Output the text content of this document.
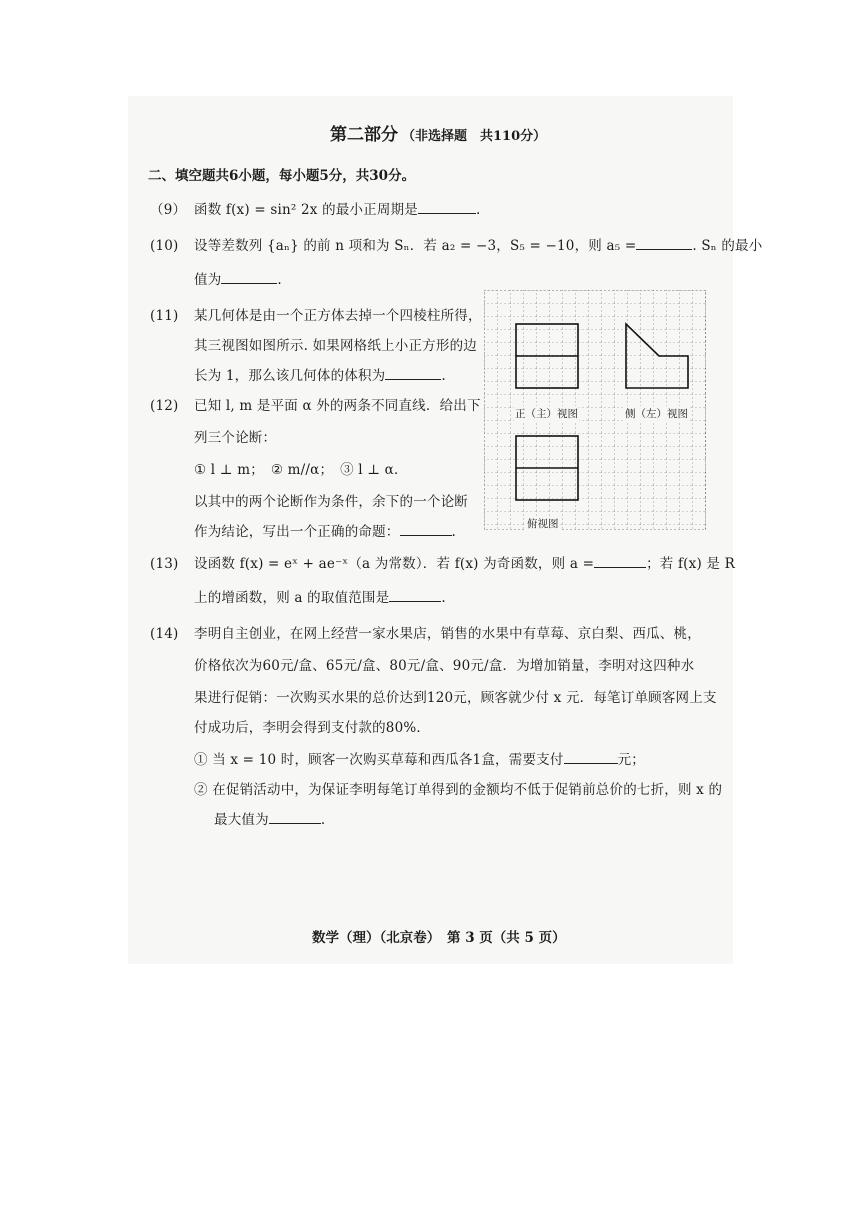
第二部分 （非选择题　共110分）
二、填空题共6小题，每小题5分，共30分。
（9） 函数 f(x) = sin² 2x 的最小正周期是	.
(10) 设等差数列 {aₙ} 的前 n 项和为 Sₙ．若 a₂ = −3，S₅ = −10，则 a₅ =	. Sₙ 的最小
值为	.
(11) 某几何体是由一个正方体去掉一个四棱柱所得，
其三视图如图所示. 如果网格纸上小正方形的边
长为 1，那么该几何体的体积为	.
(12) 已知 l, m 是平面 α 外的两条不同直线．给出下
列三个论断：
① l ⊥ m；　② m//α；　③ l ⊥ α．
以其中的两个论断作为条件，余下的一个论断
作为结论，写出一个正确的命题：	.
正（主）视图	侧（左）视图
俯视图
(13) 设函数 f(x) = eˣ + ae⁻ˣ（a 为常数）．若 f(x) 为奇函数，则 a =	；若 f(x) 是 R
上的增函数，则 a 的取值范围是	.
(14) 李明自主创业，在网上经营一家水果店，销售的水果中有草莓、京白梨、西瓜、桃，
价格依次为60元/盒、65元/盒、80元/盒、90元/盒．为增加销量，李明对这四种水
果进行促销：一次购买水果的总价达到120元，顾客就少付 x 元．每笔订单顾客网上支
付成功后，李明会得到支付款的80%．
① 当 x = 10 时，顾客一次购买草莓和西瓜各1盒，需要支付	元；
② 在促销活动中，为保证李明每笔订单得到的金额均不低于促销前总价的七折，则 x 的
最大值为	.
数学（理）（北京卷）　第 3 页（共 5 页）
